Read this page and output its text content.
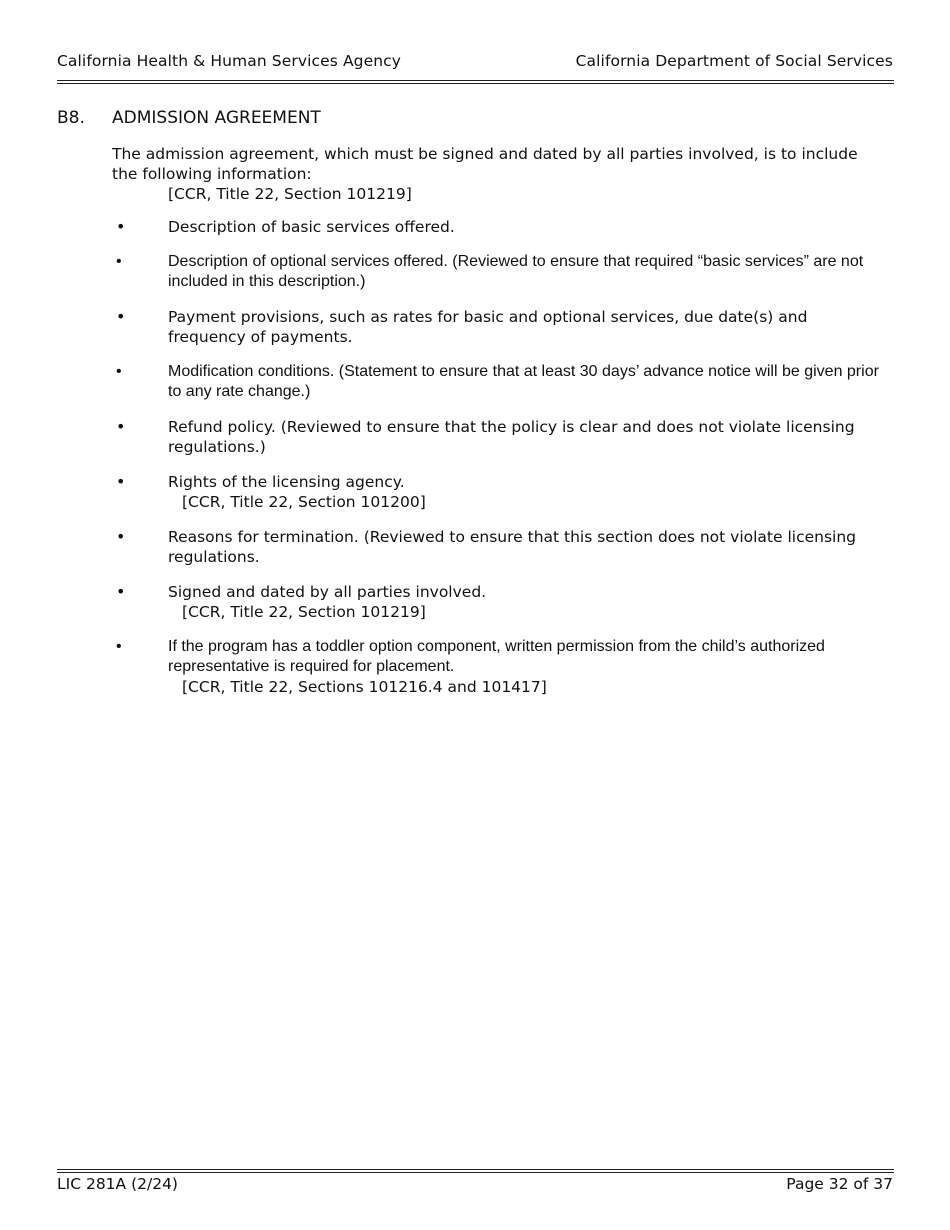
California Health & Human Services Agency	California Department of Social Services
B8.	ADMISSION AGREEMENT
The admission agreement, which must be signed and dated by all parties involved, is to include the following information:
[CCR, Title 22, Section 101219]
•	Description of basic services offered.
•	Description of optional services offered. (Reviewed to ensure that required “basic services” are not included in this description.)
•	Payment provisions, such as rates for basic and optional services, due date(s) and frequency of payments.
•	Modification conditions. (Statement to ensure that at least 30 days’ advance notice will be given prior to any rate change.)
•	Refund policy. (Reviewed to ensure that the policy is clear and does not violate licensing regulations.)
•	Rights of the licensing agency.
[CCR, Title 22, Section 101200]
•	Reasons for termination. (Reviewed to ensure that this section does not violate licensing regulations.
•	Signed and dated by all parties involved.
[CCR, Title 22, Section 101219]
•	If the program has a toddler option component, written permission from the child’s authorized representative is required for placement.
[CCR, Title 22, Sections 101216.4 and 101417]
LIC 281A (2/24)	Page 32 of 37
